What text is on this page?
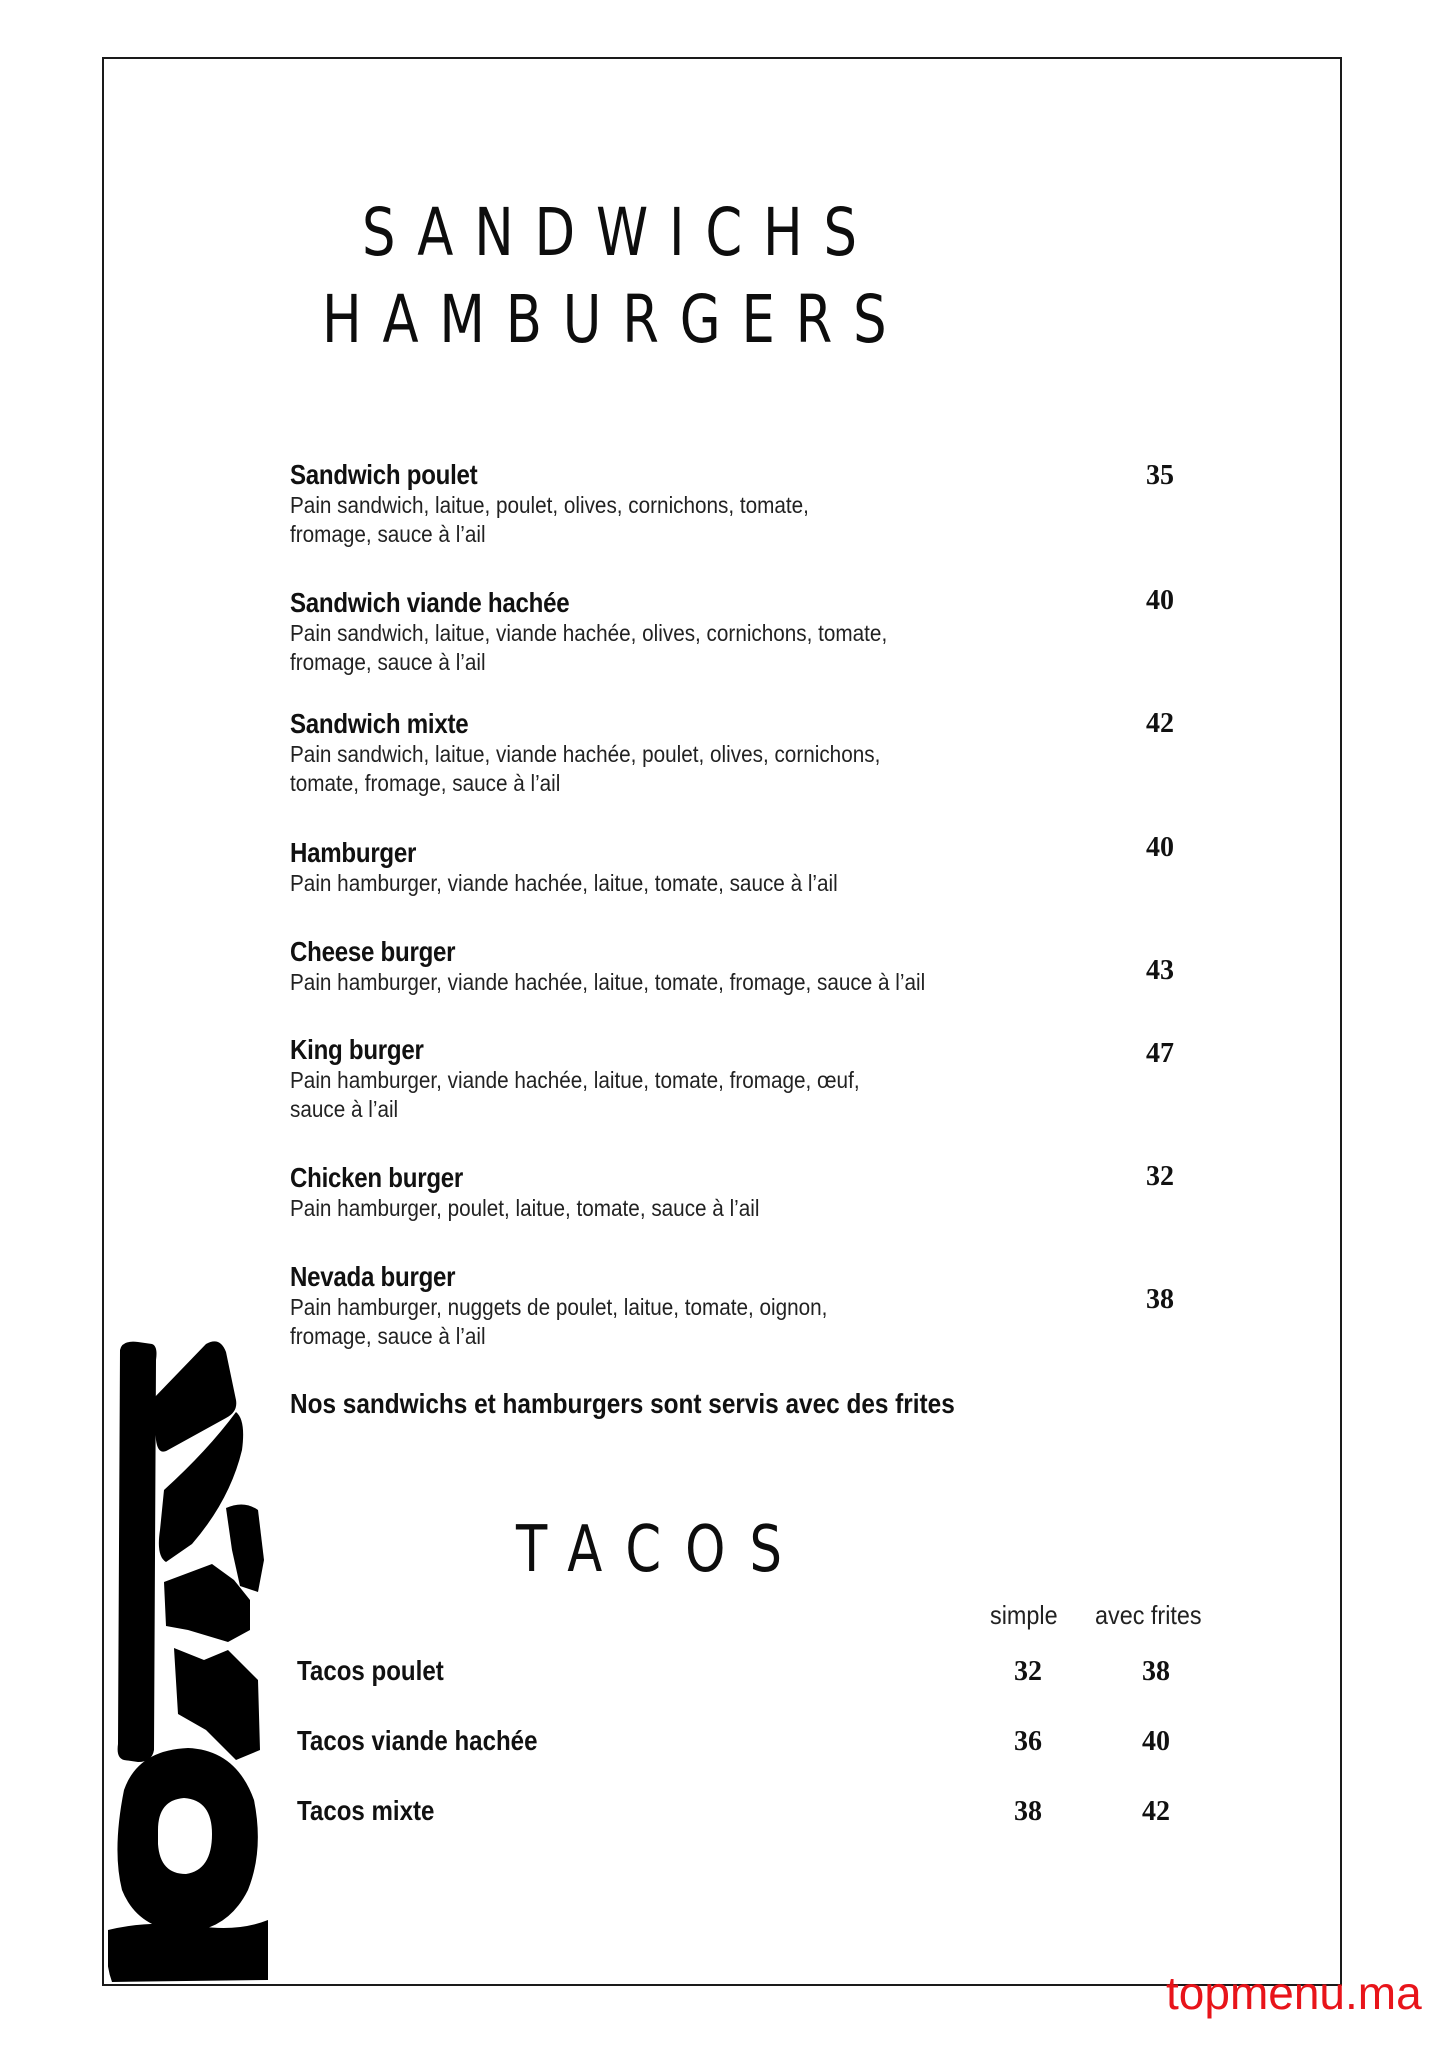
SANDWICHS
HAMBURGERS
Sandwich poulet
Pain sandwich, laitue, poulet, olives, cornichons, tomate,
fromage, sauce à l’ail
35
Sandwich viande hachée
Pain sandwich, laitue, viande hachée, olives, cornichons, tomate,
fromage, sauce à l’ail
40
Sandwich mixte
Pain sandwich, laitue, viande hachée, poulet, olives, cornichons,
tomate, fromage, sauce à l’ail
42
Hamburger
Pain hamburger, viande hachée, laitue, tomate, sauce à l’ail
40
Cheese burger
Pain hamburger, viande hachée, laitue, tomate, fromage, sauce à l’ail	43
King burger
Pain hamburger, viande hachée, laitue, tomate, fromage, œuf,
sauce à l’ail
47
Chicken burger
Pain hamburger, poulet, laitue, tomate, sauce à l’ail
32
Nevada burger
Pain hamburger, nuggets de poulet, laitue, tomate, oignon,
fromage, sauce à l’ail
38
Nos sandwichs et hamburgers sont servis avec des frites
TACOS
simple avec frites
Tacos poulet	32	38
Tacos viande hachée	36	40
Tacos mixte	38	42
topmenu.ma
